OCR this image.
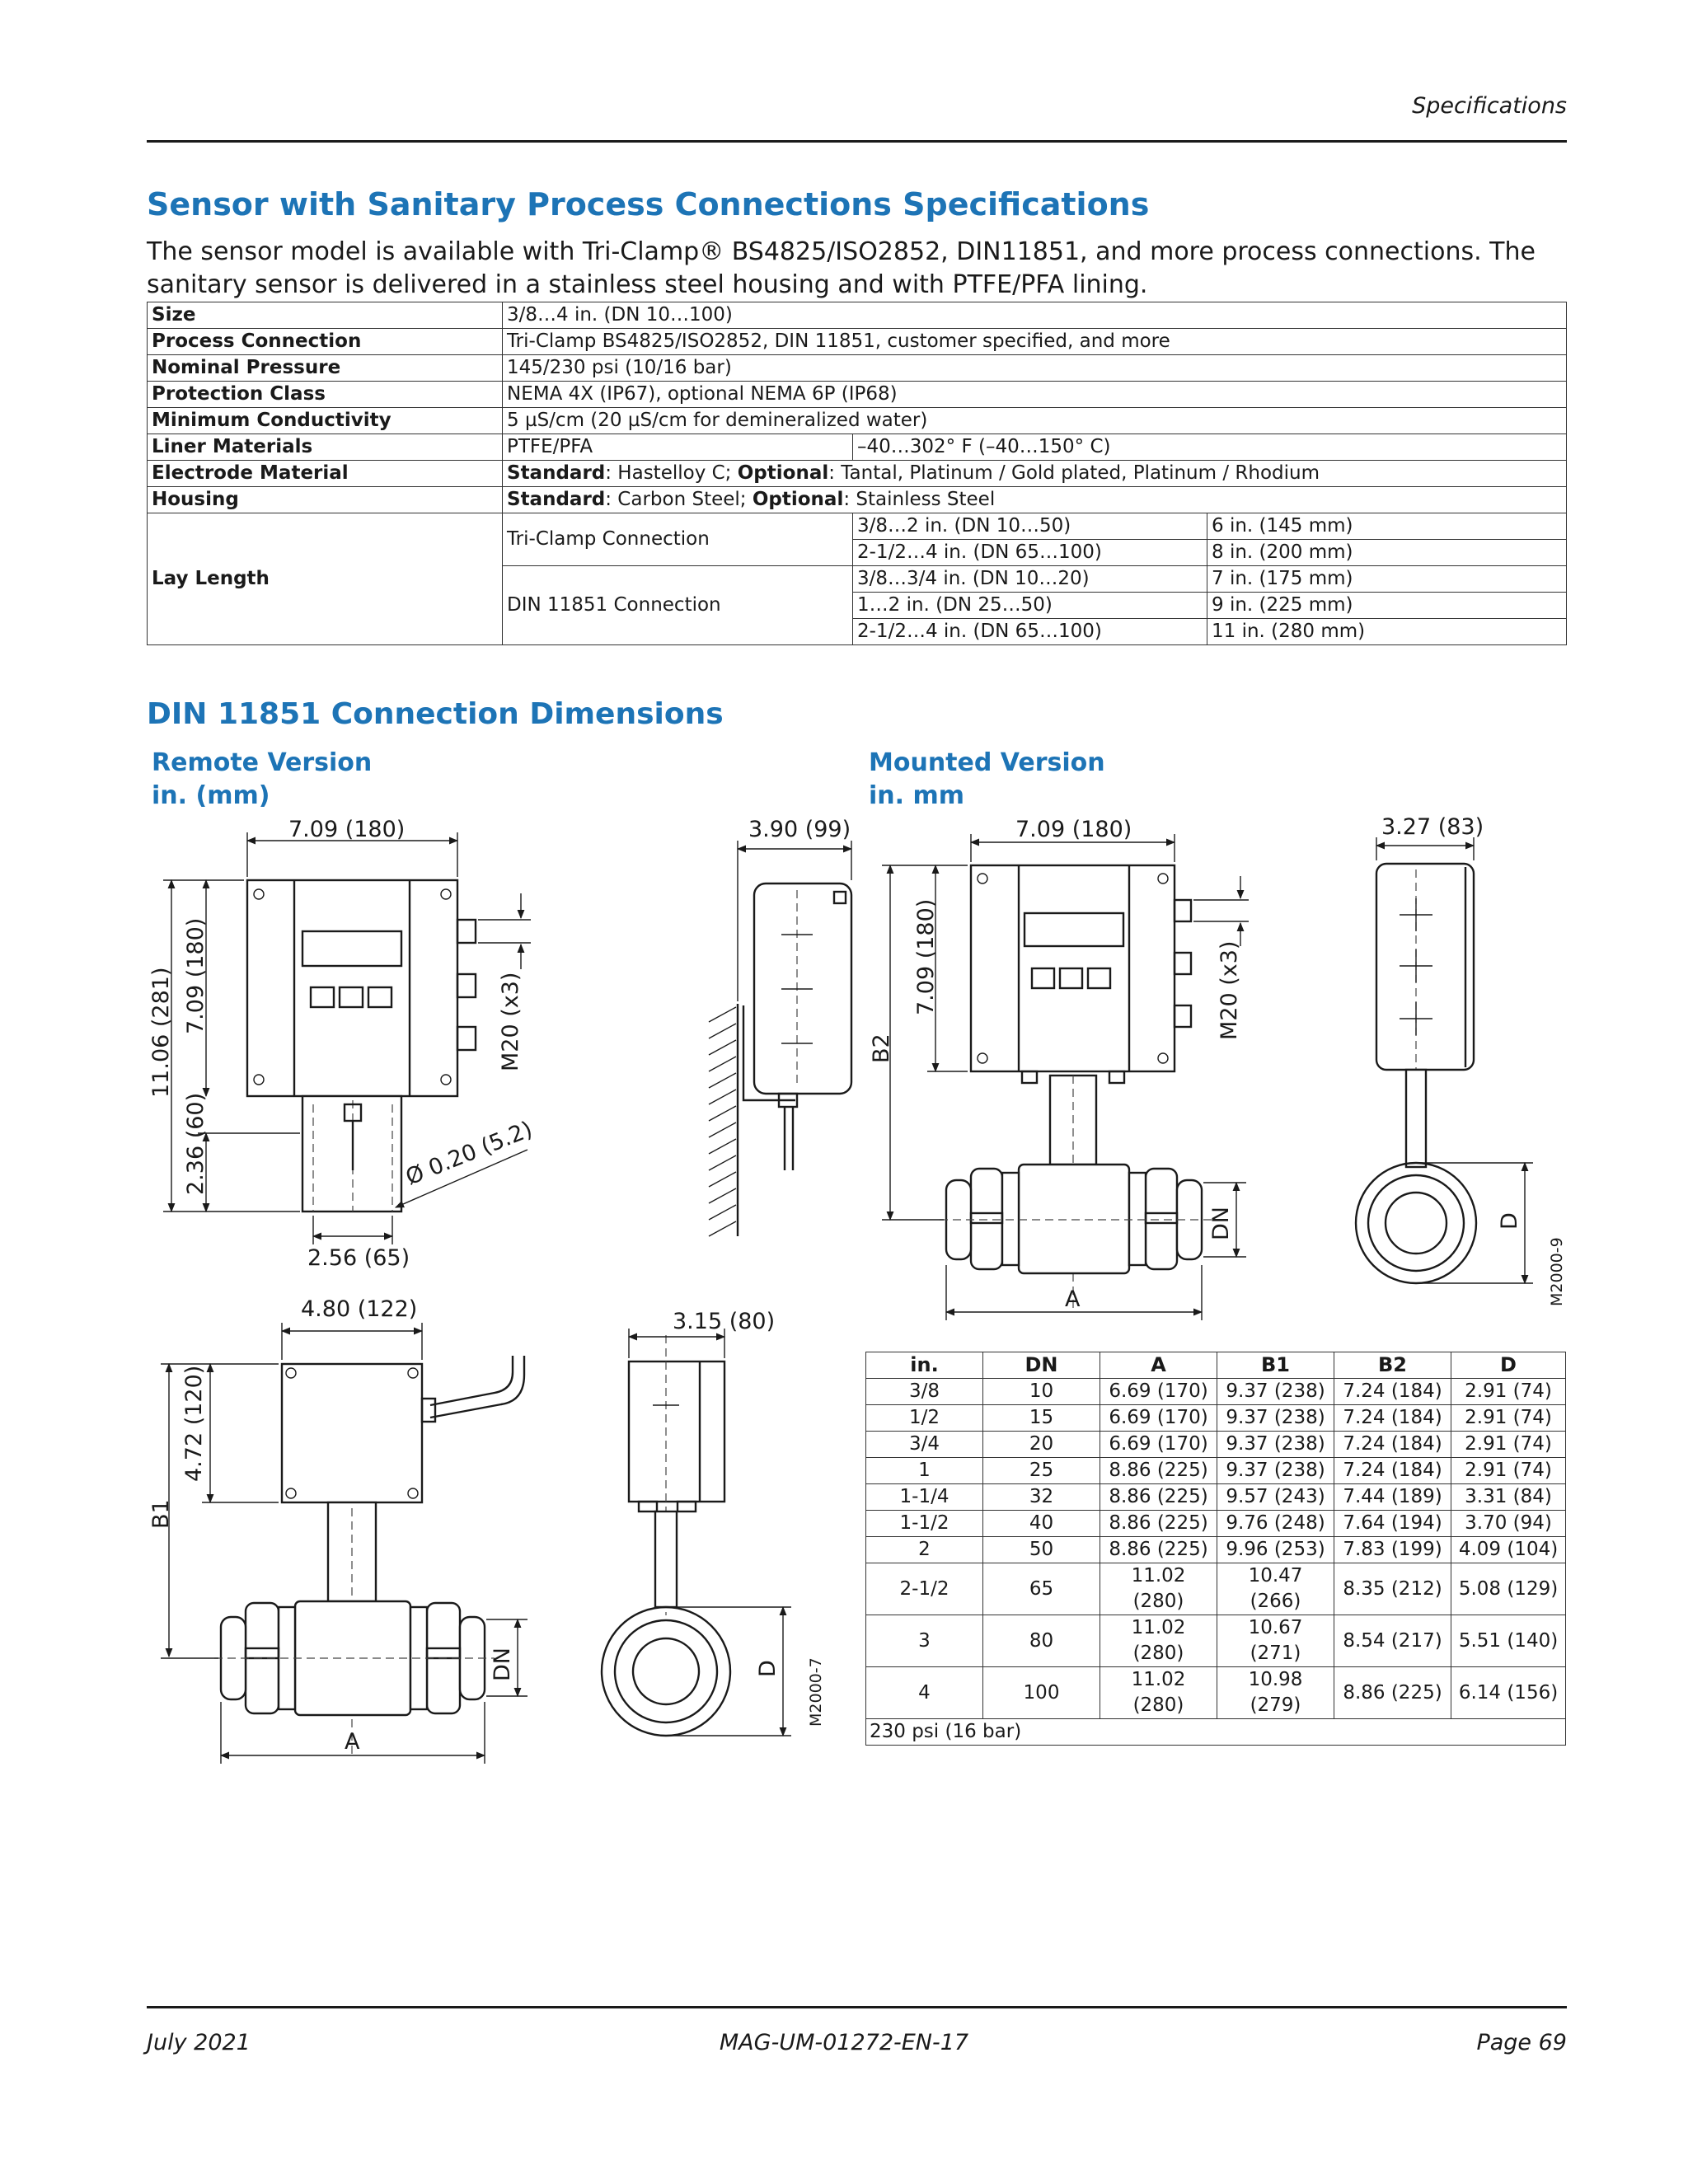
Specifications
Sensor with Sanitary Process Connections Specifications
The sensor model is available with Tri-Clamp® BS4825/ISO2852, DIN11851, and more process connections. The sanitary sensor is delivered in a stainless steel housing and with PTFE/PFA lining.
Size	3/8…4 in. (DN 10…100)		
Process Connection	Tri-Clamp BS4825/ISO2852, DIN 11851, customer specified, and more		
Nominal Pressure	145/230 psi (10/16 bar)		
Protection Class	NEMA 4X (IP67), optional NEMA 6P (IP68)		
Minimum Conductivity	5 µS/cm (20 µS/cm for demineralized water)		
Liner Materials	PTFE/PFA	–40…302° F (–40…150° C)	
Electrode Material	Standard: Hastelloy C; Optional: Tantal, Platinum / Gold plated, Platinum / Rhodium		
Housing	Standard: Carbon Steel; Optional: Stainless Steel		
Lay Length	Tri-Clamp Connection	3/8…2 in. (DN 10…50)	6 in. (145 mm)
		2-1/2…4 in. (DN 65…100)	8 in. (200 mm)
	DIN 11851 Connection	3/8…3/4 in. (DN 10…20)	7 in. (175 mm)
		1…2 in. (DN 25…50)	9 in. (225 mm)
		2-1/2…4 in. (DN 65…100)	11 in. (280 mm)
DIN 11851 Connection Dimensions
Remote Version
in. (mm)
Mounted Version
in. mm
7.09 (180)
11.06 (281) 7.09 (180)	M20 (x3)
2.36 (60)	Ø 0.20 (5.2)
2.56 (65)
3.90 (99)
4.80 (122)
4.72 (120)
B1
DN
A
3.15 (80)
D M2000-7
7.09 (180)
7.09 (180)
B2
M20 (x3)
DN
A
3.27 (83)
D
M2000-9
in.	DN	A	B1	B2	D
3/8	10	6.69 (170)	9.37 (238)	7.24 (184)	2.91 (74)
1/2	15	6.69 (170)	9.37 (238)	7.24 (184)	2.91 (74)
3/4	20	6.69 (170)	9.37 (238)	7.24 (184)	2.91 (74)
1	25	8.86 (225)	9.37 (238)	7.24 (184)	2.91 (74)
1-1/4	32	8.86 (225)	9.57 (243)	7.44 (189)	3.31 (84)
1-1/2	40	8.86 (225)	9.76 (248)	7.64 (194)	3.70 (94)
2	50	8.86 (225)	9.96 (253)	7.83 (199)	4.09 (104)
2-1/2	65	11.02 (280)	10.47 (266)	8.35 (212)	5.08 (129)
3	80	11.02 (280)	10.67 (271)	8.54 (217)	5.51 (140)
4	100	11.02 (280)	10.98 (279)	8.86 (225)	6.14 (156)
230 psi (16 bar)					
July 2021	MAG-UM-01272-EN-17	Page 69
